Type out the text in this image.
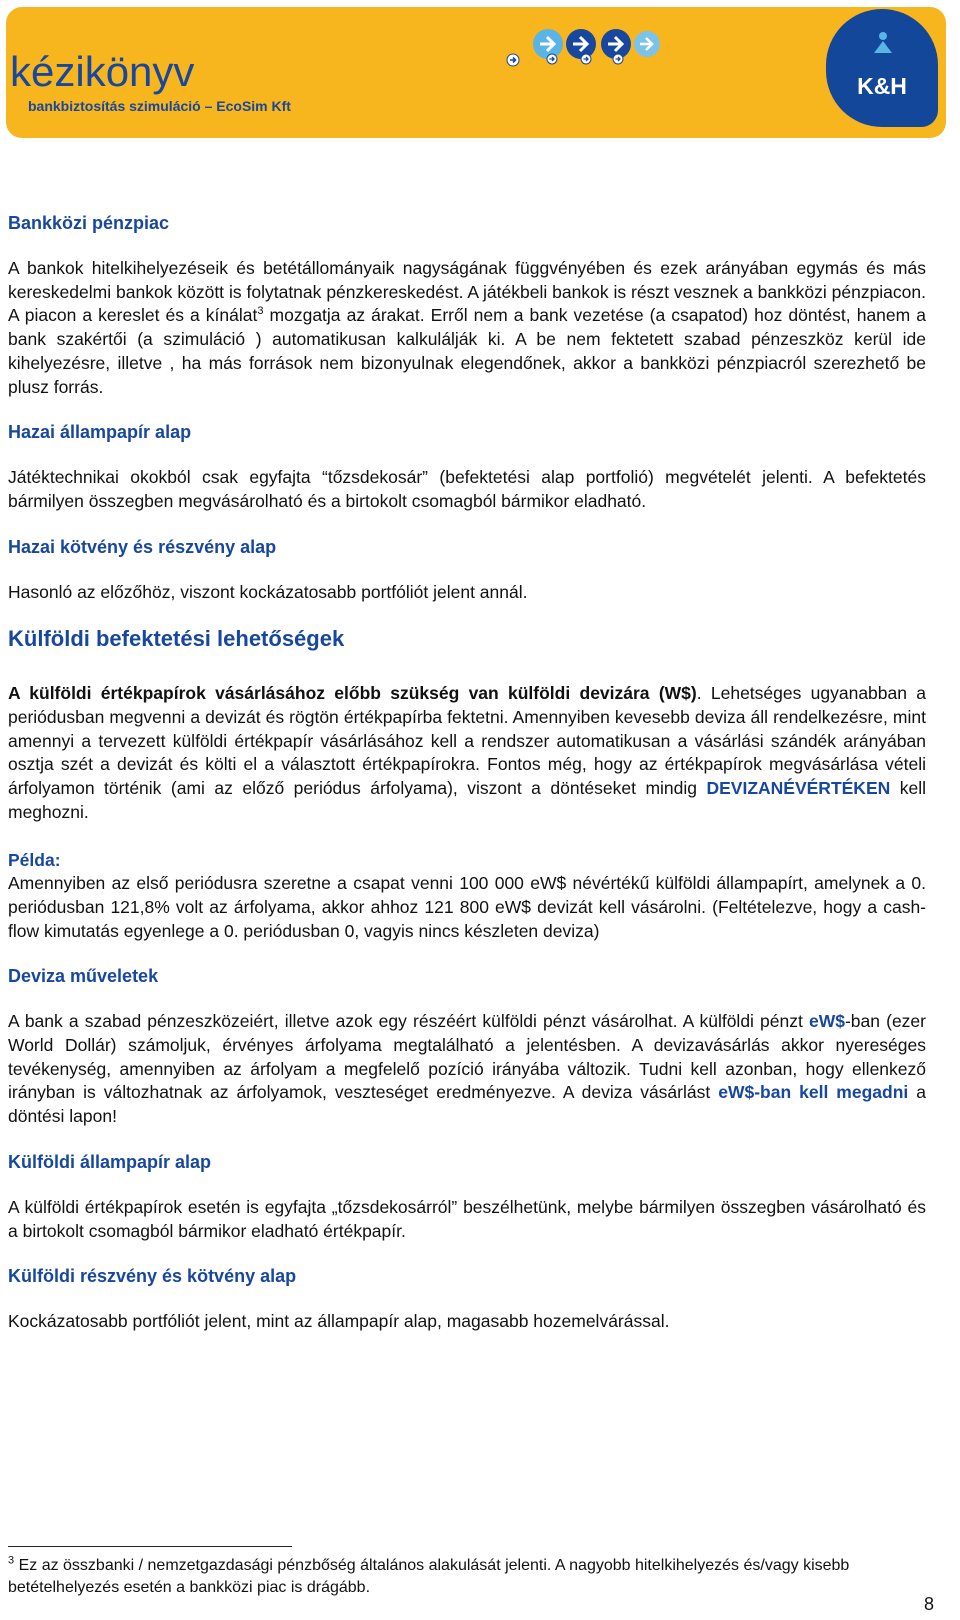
kézikönyv
bankbiztosítás szimuláció – EcoSim Kft
K&H
Bankközi pénzpiac

A bankok hitelkihelyezéseik és betétállományaik nagyságának függvényében és ezek arányában egymás és más kereskedelmi bankok között is folytatnak pénzkereskedést. A játékbeli bankok is részt vesznek a bankközi pénzpiacon. A piacon a kereslet és a kínálat$^3$ mozgatja az árakat. Erről nem a bank vezetése (a csapatod) hoz döntést, hanem a bank szakértői (a szimuláció ) automatikusan kalkulálják ki. A be nem fektetett szabad pénzeszköz kerül ide kihelyezésre, illetve , ha más források nem bizonyulnak elegendőnek, akkor a bankközi pénzpiacról szerezhető be plusz forrás.

Hazai állampapír alap

Játéktechnikai okokból csak egyfajta “tőzsdekosár” (befektetési alap portfolió) megvételét jelenti. A befektetés bármilyen összegben megvásárolható és a birtokolt csomagból bármikor eladható.

Hazai kötvény és részvény alap

Hasonló az előzőhöz, viszont kockázatosabb portfóliót jelent annál.

Külföldi befektetési lehetőségek

A külföldi értékpapírok vásárlásához előbb szükség van külföldi devizára (W$). Lehetséges ugyanabban a periódusban megvenni a devizát és rögtön értékpapírba fektetni. Amennyiben kevesebb deviza áll rendelkezésre, mint amennyi a tervezett külföldi értékpapír vásárlásához kell a rendszer automatikusan a vásárlási szándék arányában osztja szét a devizát és költi el a választott értékpapírokra. Fontos még, hogy az értékpapírok megvásárlása vételi árfolyamon történik (ami az előző periódus árfolyama), viszont a döntéseket mindig DEVIZANÉVÉRTÉKEN kell meghozni.

Példa:

Amennyiben az első periódusra szeretne a csapat venni 100 000 eW$ névértékű külföldi állampapírt, amelynek a 0. periódusban 121,8% volt az árfolyama, akkor ahhoz 121 800 eW$ devizát kell vásárolni. (Feltételezve, hogy a cash-flow kimutatás egyenlege a 0. periódusban 0, vagyis nincs készleten deviza)

Deviza műveletek

A bank a szabad pénzeszközeiért, illetve azok egy részéért külföldi pénzt vásárolhat. A külföldi pénzt eW$-ban (ezer World Dollár) számoljuk, érvényes árfolyama megtalálható a jelentésben. A devizavásárlás akkor nyereséges tevékenység, amennyiben az árfolyam a megfelelő pozíció irányába változik. Tudni kell azonban, hogy ellenkező irányban is változhatnak az árfolyamok, veszteséget eredményezve. A deviza vásárlást eW$-ban kell megadni a döntési lapon!

Külföldi állampapír alap

A külföldi értékpapírok esetén is egyfajta „tőzsdekosárról” beszélhetünk, melybe bármilyen összegben vásárolható és a birtokolt csomagból bármikor eladható értékpapír.

Külföldi részvény és kötvény alap

Kockázatosabb portfóliót jelent, mint az állampapír alap, magasabb hozemelvárással.

$^3$ Ez az összbanki / nemzetgazdasági pénzbőség általános alakulását jelenti. A nagyobb hitelkihelyezés és/vagy kisebb betételhelyezés esetén a bankközi piac is drágább.
8
